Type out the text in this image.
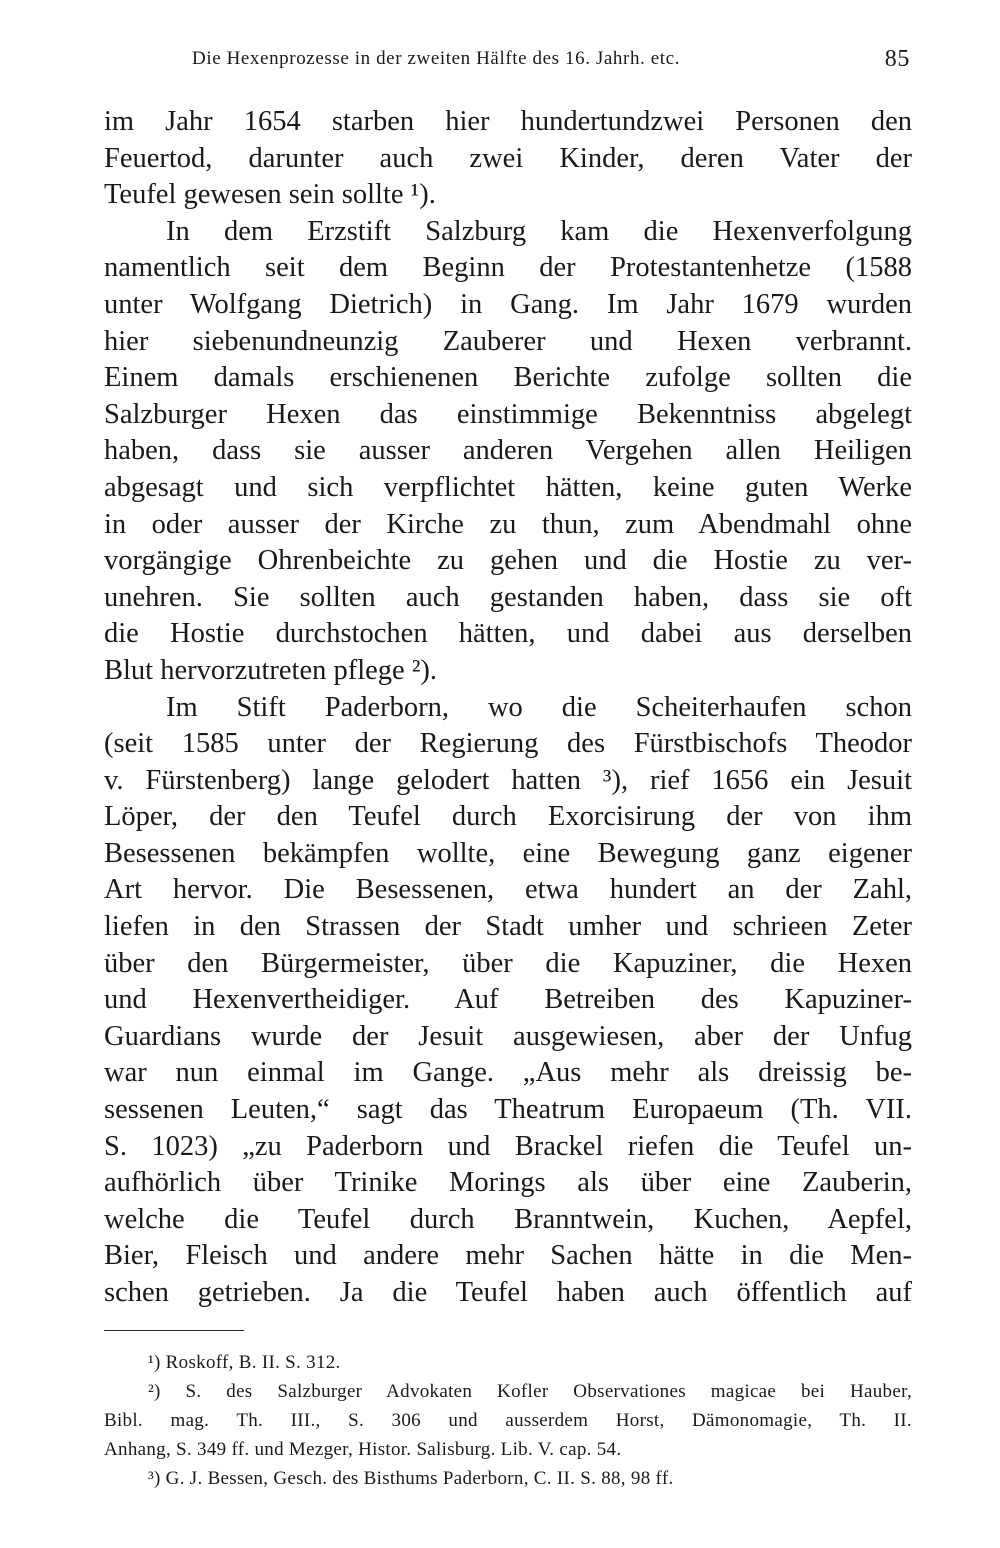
Die Hexenprozesse in der zweiten Hälfte des 16. Jahrh. etc.	85
im Jahr 1654 starben hier hundertundzwei Personen den
Feuertod, darunter auch zwei Kinder, deren Vater der
Teufel gewesen sein sollte ¹).
In dem Erzstift Salzburg kam die Hexenverfolgung
namentlich seit dem Beginn der Protestantenhetze (1588
unter Wolfgang Dietrich) in Gang. Im Jahr 1679 wurden
hier siebenundneunzig Zauberer und Hexen verbrannt.
Einem damals erschienenen Berichte zufolge sollten die
Salzburger Hexen das einstimmige Bekenntniss abgelegt
haben, dass sie ausser anderen Vergehen allen Heiligen
abgesagt und sich verpflichtet hätten, keine guten Werke
in oder ausser der Kirche zu thun, zum Abendmahl ohne
vorgängige Ohrenbeichte zu gehen und die Hostie zu ver-
unehren. Sie sollten auch gestanden haben, dass sie oft
die Hostie durchstochen hätten, und dabei aus derselben
Blut hervorzutreten pflege ²).
Im Stift Paderborn, wo die Scheiterhaufen schon
(seit 1585 unter der Regierung des Fürstbischofs Theodor
v. Fürstenberg) lange gelodert hatten ³), rief 1656 ein Jesuit
Löper, der den Teufel durch Exorcisirung der von ihm
Besessenen bekämpfen wollte, eine Bewegung ganz eigener
Art hervor. Die Besessenen, etwa hundert an der Zahl,
liefen in den Strassen der Stadt umher und schrieen Zeter
über den Bürgermeister, über die Kapuziner, die Hexen
und Hexenvertheidiger. Auf Betreiben des Kapuziner-
Guardians wurde der Jesuit ausgewiesen, aber der Unfug
war nun einmal im Gange. „Aus mehr als dreissig be-
sessenen Leuten,“ sagt das Theatrum Europaeum (Th. VII.
S. 1023) „zu Paderborn und Brackel riefen die Teufel un-
aufhörlich über Trinike Morings als über eine Zauberin,
welche die Teufel durch Branntwein, Kuchen, Aepfel,
Bier, Fleisch und andere mehr Sachen hätte in die Men-
schen getrieben. Ja die Teufel haben auch öffentlich auf
¹) Roskoff, B. II. S. 312.
²) S. des Salzburger Advokaten Kofler Observationes magicae bei Hauber,
Bibl. mag. Th. III., S. 306 und ausserdem Horst, Dämonomagie, Th. II.
Anhang, S. 349 ff. und Mezger, Histor. Salisburg. Lib. V. cap. 54.
³) G. J. Bessen, Gesch. des Bisthums Paderborn, C. II. S. 88, 98 ff.
